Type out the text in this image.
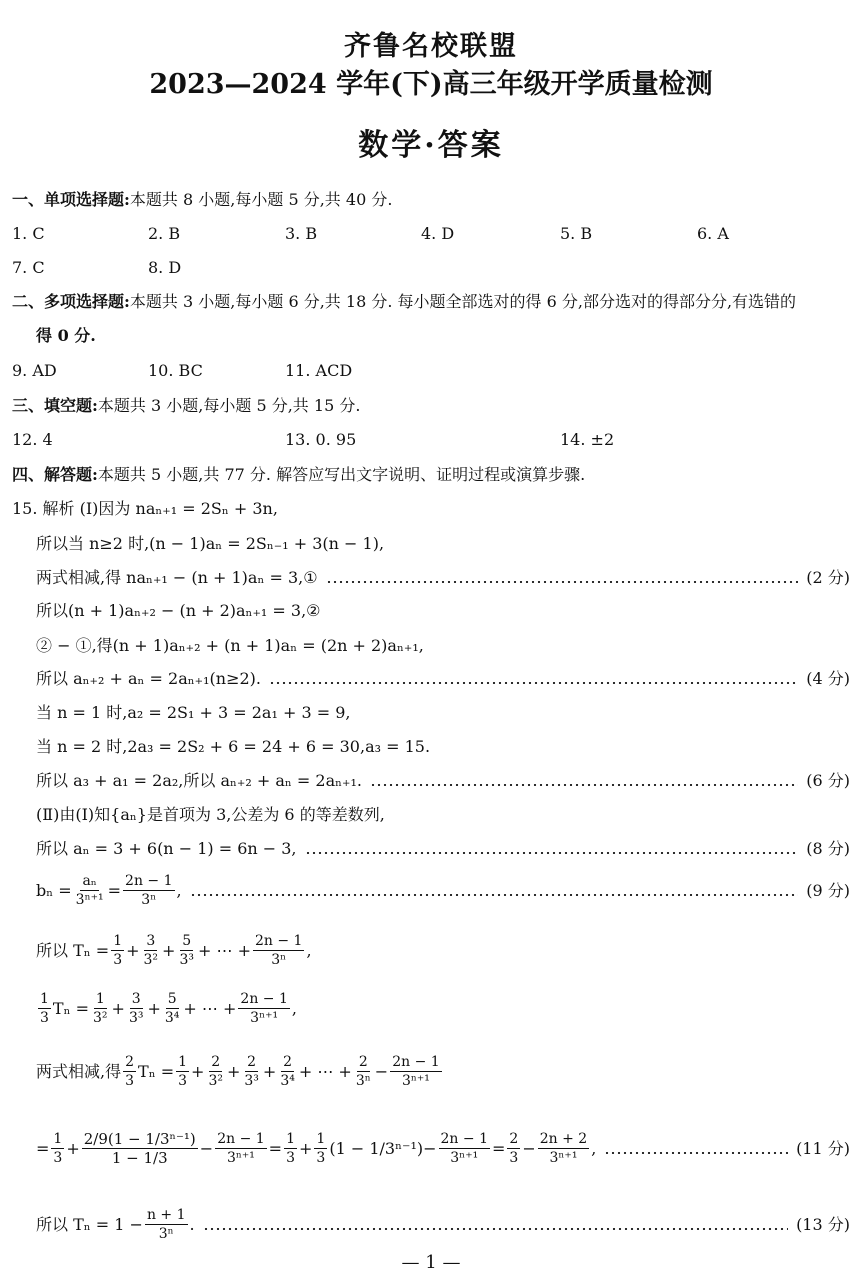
齐鲁名校联盟
2023—2024 学年(下)高三年级开学质量检测
数学·答案
一、单项选择题:本题共 8 小题,每小题 5 分,共 40 分.
1. C	2. B	3. B	4. D	5. B	6. A
7. C	8. D
二、多项选择题:本题共 3 小题,每小题 6 分,共 18 分. 每小题全部选对的得 6 分,部分选对的得部分分,有选错的
得 0 分.
9. AD	10. BC	11. ACD
三、填空题:本题共 3 小题,每小题 5 分,共 15 分.
12. 4	13. 0. 95	14. ±2
四、解答题:本题共 5 小题,共 77 分. 解答应写出文字说明、证明过程或演算步骤.
15. 解析 (Ⅰ)因为 naₙ₊₁ = 2Sₙ + 3n,
所以当 n≥2 时,(n − 1)aₙ = 2Sₙ₋₁ + 3(n − 1),
两式相减,得 naₙ₊₁ − (n + 1)aₙ = 3,①	(2 分)
所以(n + 1)aₙ₊₂ − (n + 2)aₙ₊₁ = 3,②
② − ①,得(n + 1)aₙ₊₂ + (n + 1)aₙ = (2n + 2)aₙ₊₁,
所以 aₙ₊₂ + aₙ = 2aₙ₊₁(n≥2).	(4 分)
当 n = 1 时,a₂ = 2S₁ + 3 = 2a₁ + 3 = 9,
当 n = 2 时,2a₃ = 2S₂ + 6 = 24 + 6 = 30,a₃ = 15.
所以 a₃ + a₁ = 2a₂,所以 aₙ₊₂ + aₙ = 2aₙ₊₁.	(6 分)
(Ⅱ)由(Ⅰ)知{aₙ}是首项为 3,公差为 6 的等差数列,
所以 aₙ = 3 + 6(n − 1) = 6n − 3,	(8 分)
$b_n = \frac{\text{aₙ}}{\text{3ⁿ⁺¹}} = \frac{2n - 1}{\text{3ⁿ}}$ ,	(9 分)
所以 $T_n = \frac{1}{3} + \frac{3}{\text{3²}} + \frac{5}{\text{3³}}$ + ⋯ + $\frac{2n - 1}{\text{3ⁿ}}$ ,
$\frac{1}{3}$ $T_n = \frac{1}{\text{3²}} + \frac{3}{\text{3³}} + \frac{5}{\text{3⁴}}$ + ⋯ + $\frac{2n - 1}{\text{3ⁿ⁺¹}}$ ,
两式相减,得 $\frac{2}{3}$ $T_n = \frac{1}{3} + \frac{2}{\text{3²}} + \frac{2}{\text{3³}} + \frac{2}{\text{3⁴}}$ + ⋯ + $\frac{2}{\text{3ⁿ}} - \frac{2n - 1}{\text{3ⁿ⁺¹}}$
= $\frac{1}{3} + \frac{\text{2/9(1 − 1/3ⁿ⁻¹)}}{1 - 1/3} - \frac{2n - 1}{\text{3ⁿ⁺¹}} = \frac{1}{3} + \frac{1}{3} (1 - 1/3^{n-1}) - \frac{2n - 1}{\text{3ⁿ⁺¹}} = \frac{2}{3} - \frac{2n + 2}{\text{3ⁿ⁺¹}}$ ,	(11 分)
所以 $T_n = 1 - \frac{n + 1}{\text{3ⁿ}}$ .	(13 分)
— 1 —
